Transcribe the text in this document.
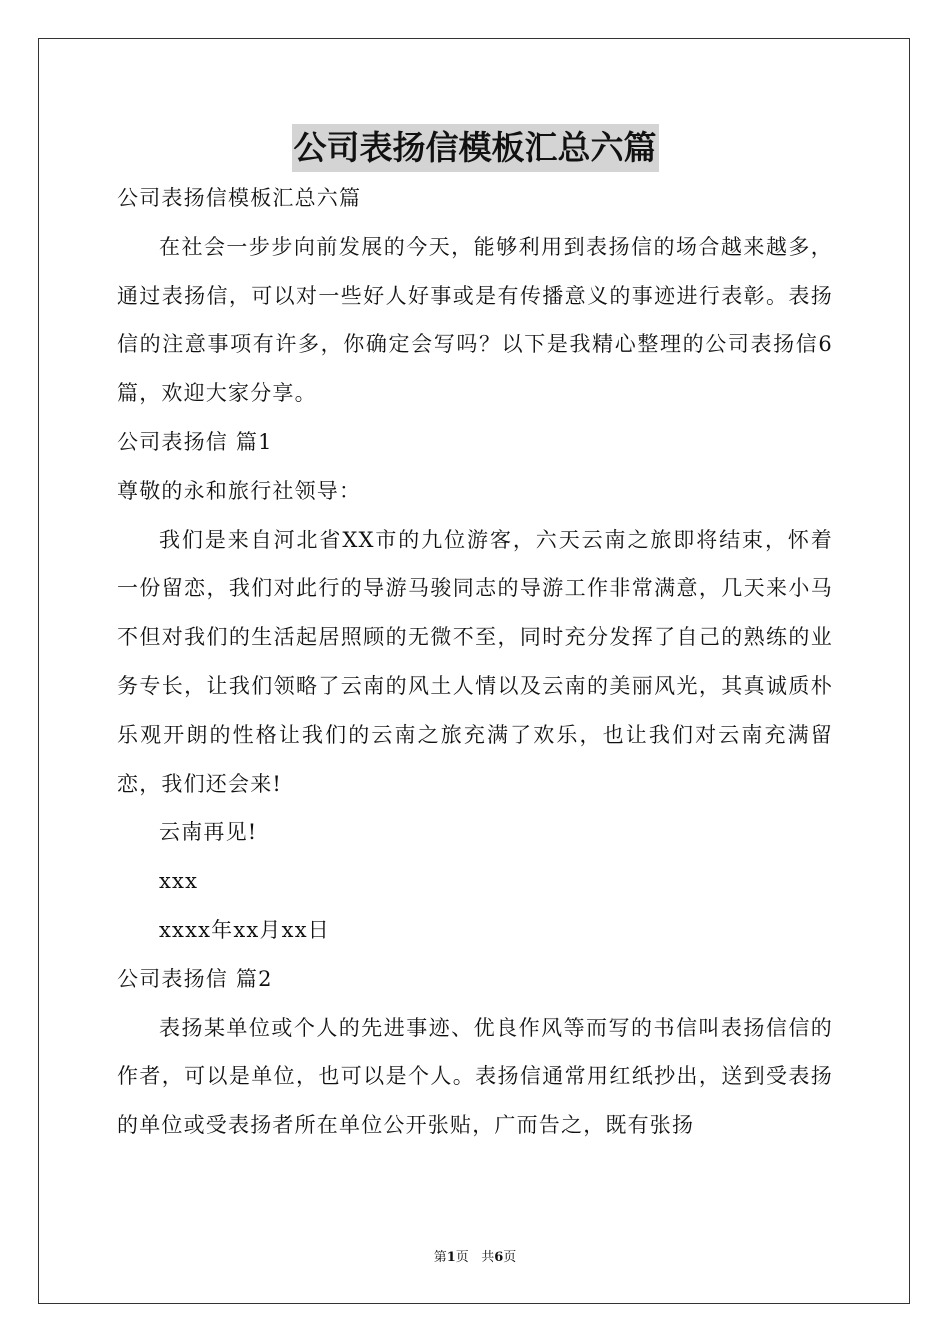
公司表扬信模板汇总六篇

公司表扬信模板汇总六篇

在社会一步步向前发展的今天，能够利用到表扬信的场合越来越多，通过表扬信，可以对一些好人好事或是有传播意义的事迹进行表彰。表扬信的注意事项有许多，你确定会写吗？以下是我精心整理的公司表扬信6篇，欢迎大家分享。

公司表扬信 篇1

尊敬的永和旅行社领导：

我们是来自河北省XX市的九位游客，六天云南之旅即将结束，怀着一份留恋，我们对此行的导游马骏同志的导游工作非常满意，几天来小马不但对我们的生活起居照顾的无微不至，同时充分发挥了自己的熟练的业务专长，让我们领略了云南的风土人情以及云南的美丽风光，其真诚质朴乐观开朗的性格让我们的云南之旅充满了欢乐，也让我们对云南充满留恋，我们还会来!

云南再见!

xxx

xxxx年xx月xx日

公司表扬信 篇2

表扬某单位或个人的先进事迹、优良作风等而写的书信叫表扬信信的作者，可以是单位，也可以是个人。表扬信通常用红纸抄出，送到受表扬的单位或受表扬者所在单位公开张贴，广而告之，既有张扬

第1页 共6页
